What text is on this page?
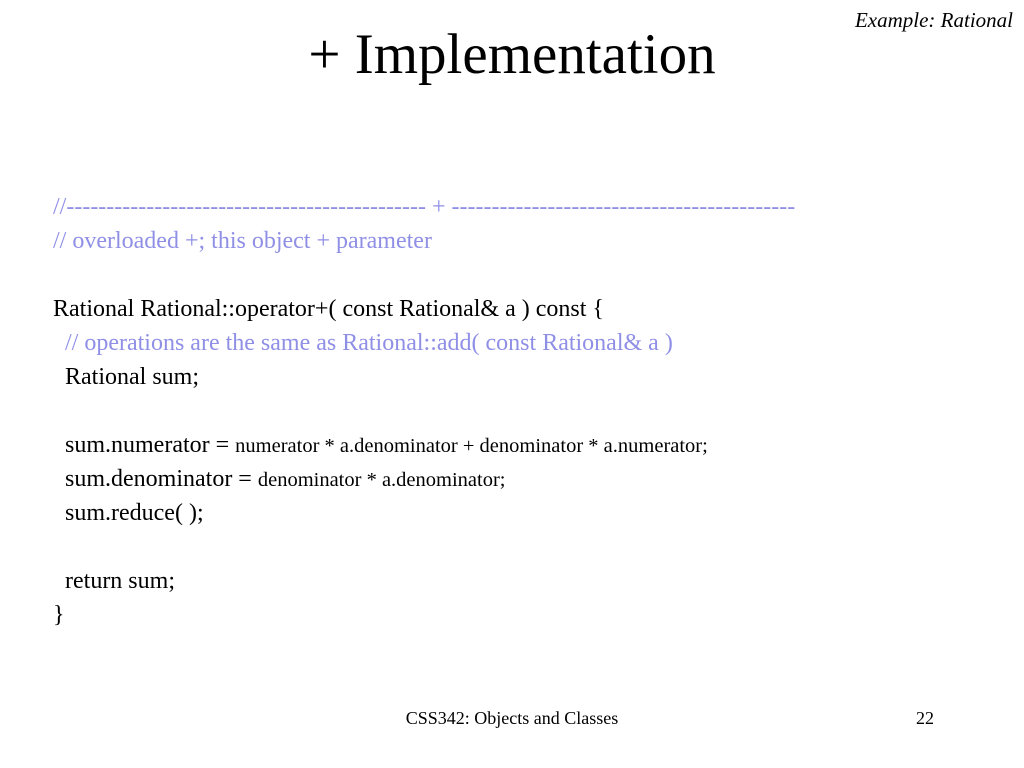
Example: Rational
+ Implementation
//--------------------------------------------- + -------------------------------------------
// overloaded +; this object + parameter
Rational Rational::operator+( const Rational& a ) const {
// operations are the same as Rational::add( const Rational& a )
Rational sum;
sum.numerator = numerator * a.denominator + denominator * a.numerator;
sum.denominator = denominator * a.denominator;
sum.reduce( );
return sum;
}
CSS342: Objects and Classes	22
